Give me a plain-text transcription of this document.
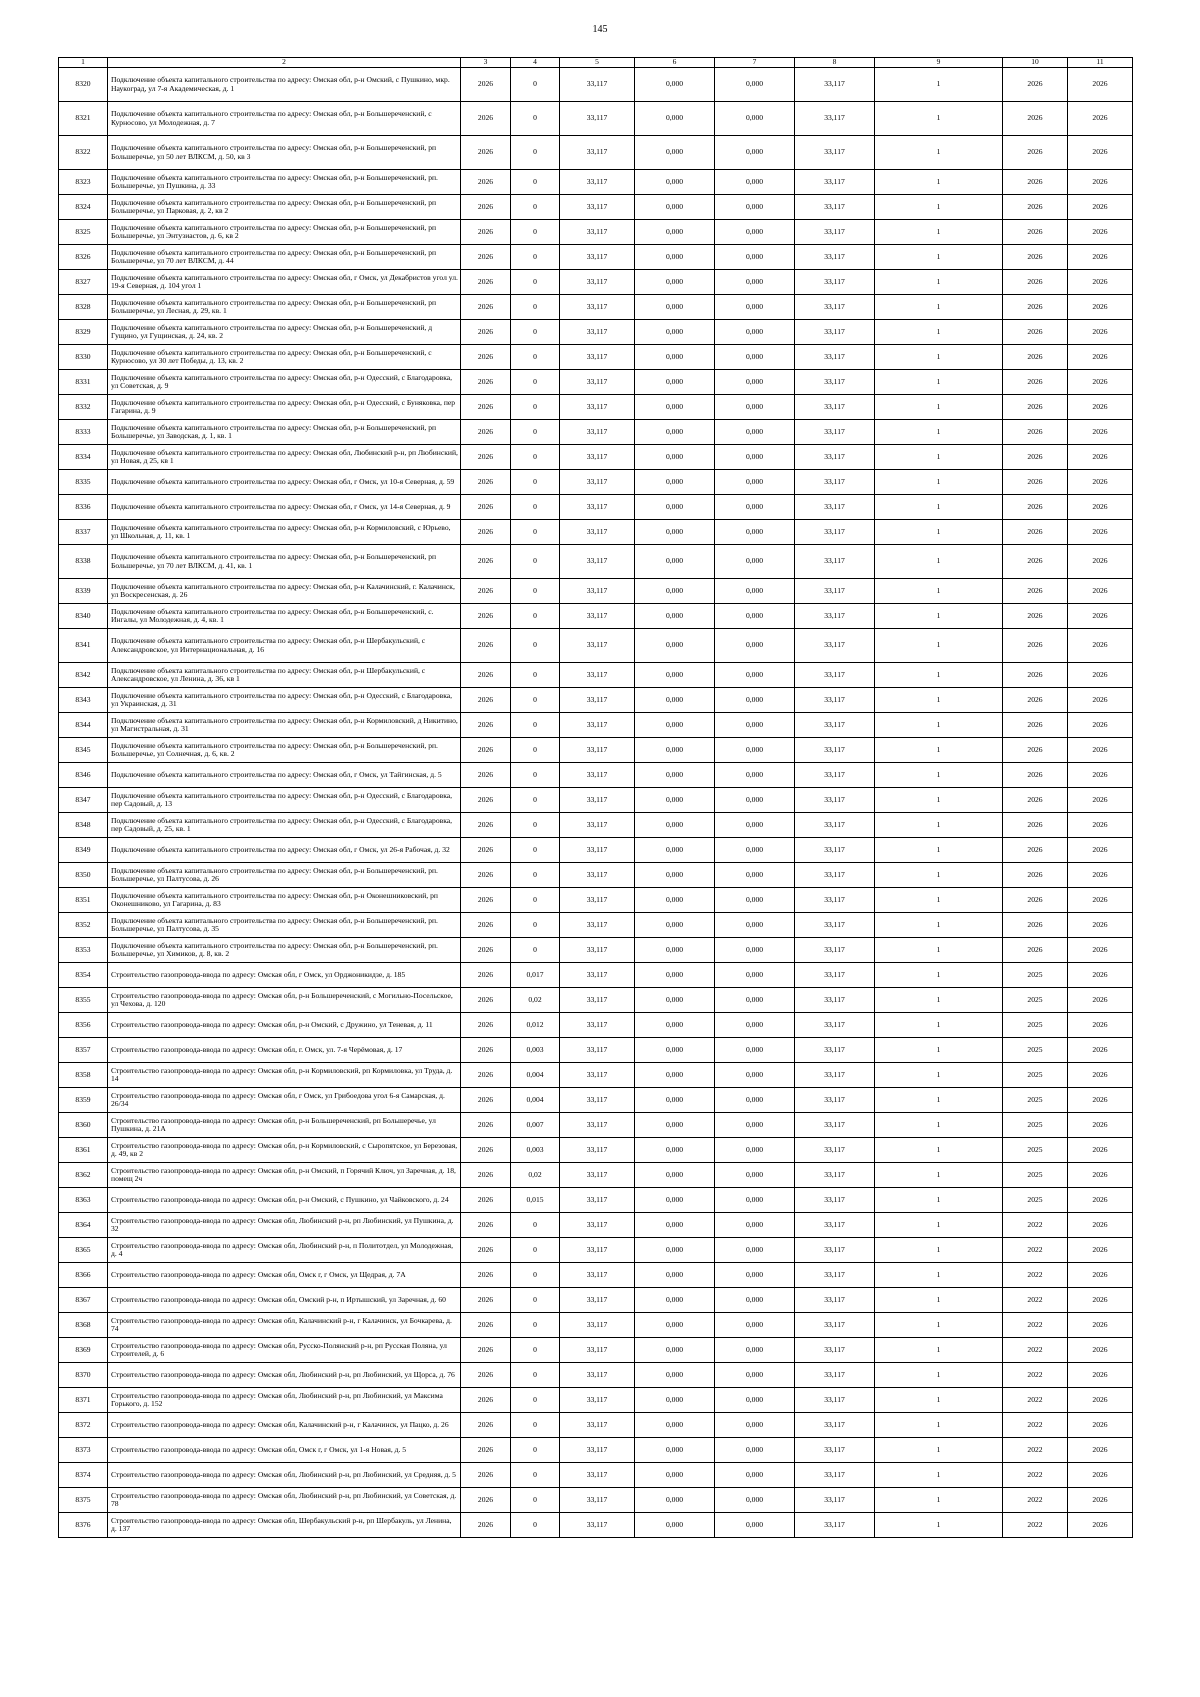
145
1	2	3	4	5	6	7	8	9	10	11
8320	Подключение объекта капитального строительства по адресу: Омская обл, р-н Омский, с Пушкино, мкр. Наукоград, ул 7-я Академическая, д. 1	2026	0	33,117	0,000	0,000	33,117	1	2026	2026
8321	Подключение объекта капитального строительства по адресу: Омская обл, р-н Большереченский, с Курносово, ул Молодежная, д. 7	2026	0	33,117	0,000	0,000	33,117	1	2026	2026
8322	Подключение объекта капитального строительства по адресу: Омская обл, р-н Большереченский, рп Большеречье, ул 50 лет ВЛКСМ, д. 50, кв 3	2026	0	33,117	0,000	0,000	33,117	1	2026	2026
8323	Подключение объекта капитального строительства по адресу: Омская обл, р-н Большереченский, рп. Большеречье, ул Пушкина, д. 33	2026	0	33,117	0,000	0,000	33,117	1	2026	2026
8324	Подключение объекта капитального строительства по адресу: Омская обл, р-н Большереченский, рп Большеречье, ул Парковая, д. 2, кв 2	2026	0	33,117	0,000	0,000	33,117	1	2026	2026
8325	Подключение объекта капитального строительства по адресу: Омская обл, р-н Большереченский, рп Большеречье, ул Энтузиастов, д. 6, кв 2	2026	0	33,117	0,000	0,000	33,117	1	2026	2026
8326	Подключение объекта капитального строительства по адресу: Омская обл, р-н Большереченский, рп Большеречье, ул 70 лет ВЛКСМ, д. 44	2026	0	33,117	0,000	0,000	33,117	1	2026	2026
8327	Подключение объекта капитального строительства по адресу: Омская обл, г Омск, ул Декабристов угол ул. 19-я Северная, д. 104 угол 1	2026	0	33,117	0,000	0,000	33,117	1	2026	2026
8328	Подключение объекта капитального строительства по адресу: Омская обл, р-н Большереченский, рп Большеречье, ул Лесная, д. 29, кв. 1	2026	0	33,117	0,000	0,000	33,117	1	2026	2026
8329	Подключение объекта капитального строительства по адресу: Омская обл, р-н Большереченский, д Гущино, ул Гущинская, д. 24, кв. 2	2026	0	33,117	0,000	0,000	33,117	1	2026	2026
8330	Подключение объекта капитального строительства по адресу: Омская обл, р-н Большереченский, с Курносово, ул 30 лет Победы, д. 13, кв. 2	2026	0	33,117	0,000	0,000	33,117	1	2026	2026
8331	Подключение объекта капитального строительства по адресу: Омская обл, р-н Одесский, с Благодаровка, ул Советская, д. 9	2026	0	33,117	0,000	0,000	33,117	1	2026	2026
8332	Подключение объекта капитального строительства по адресу: Омская обл, р-н Одесский, с Буняковка, пер Гагарина, д. 9	2026	0	33,117	0,000	0,000	33,117	1	2026	2026
8333	Подключение объекта капитального строительства по адресу: Омская обл, р-н Большереченский, рп Большеречье, ул Заводская, д. 1, кв. 1	2026	0	33,117	0,000	0,000	33,117	1	2026	2026
8334	Подключение объекта капитального строительства по адресу: Омская обл, Любинский р-н, рп Любинский, ул Новая, д 25, кв 1	2026	0	33,117	0,000	0,000	33,117	1	2026	2026
8335	Подключение объекта капитального строительства по адресу: Омская обл, г Омск, ул 10-я Северная, д. 59	2026	0	33,117	0,000	0,000	33,117	1	2026	2026
8336	Подключение объекта капитального строительства по адресу: Омская обл, г Омск, ул 14-я Северная, д. 9	2026	0	33,117	0,000	0,000	33,117	1	2026	2026
8337	Подключение объекта капитального строительства по адресу: Омская обл, р-н Кормиловский, с Юрьево, ул Школьная, д. 11, кв. 1	2026	0	33,117	0,000	0,000	33,117	1	2026	2026
8338	Подключение объекта капитального строительства по адресу: Омская обл, р-н Большереченский, рп Большеречье, ул 70 лет ВЛКСМ, д. 41, кв. 1	2026	0	33,117	0,000	0,000	33,117	1	2026	2026
8339	Подключение объекта капитального строительства по адресу: Омская обл, р-н Калачинский, г. Калачинск, ул Воскресенская, д. 26	2026	0	33,117	0,000	0,000	33,117	1	2026	2026
8340	Подключение объекта капитального строительства по адресу: Омская обл, р-н Большереченский, с. Ингалы, ул Молодежная, д. 4, кв. 1	2026	0	33,117	0,000	0,000	33,117	1	2026	2026
8341	Подключение объекта капитального строительства по адресу: Омская обл, р-н Шербакульский, с Александровское, ул Интернациональная, д. 16	2026	0	33,117	0,000	0,000	33,117	1	2026	2026
8342	Подключение объекта капитального строительства по адресу: Омская обл, р-н Шербакульский, с Александровское, ул Ленина, д. 36, кв 1	2026	0	33,117	0,000	0,000	33,117	1	2026	2026
8343	Подключение объекта капитального строительства по адресу: Омская обл, р-н Одесский, с Благодаровка, ул Украинская, д. 31	2026	0	33,117	0,000	0,000	33,117	1	2026	2026
8344	Подключение объекта капитального строительства по адресу: Омская обл, р-н Кормиловский, д Никитино, ул Магистральная, д. 31	2026	0	33,117	0,000	0,000	33,117	1	2026	2026
8345	Подключение объекта капитального строительства по адресу: Омская обл, р-н Большереченский, рп. Большеречье, ул Солнечная, д. 6, кв. 2	2026	0	33,117	0,000	0,000	33,117	1	2026	2026
8346	Подключение объекта капитального строительства по адресу: Омская обл, г Омск, ул Тайгинская, д. 5	2026	0	33,117	0,000	0,000	33,117	1	2026	2026
8347	Подключение объекта капитального строительства по адресу: Омская обл, р-н Одесский, с Благодаровка, пер Садовый, д. 13	2026	0	33,117	0,000	0,000	33,117	1	2026	2026
8348	Подключение объекта капитального строительства по адресу: Омская обл, р-н Одесский, с Благодаровка, пер Садовый, д. 25, кв. 1	2026	0	33,117	0,000	0,000	33,117	1	2026	2026
8349	Подключение объекта капитального строительства по адресу: Омская обл, г Омск, ул 26-я Рабочая, д. 32	2026	0	33,117	0,000	0,000	33,117	1	2026	2026
8350	Подключение объекта капитального строительства по адресу: Омская обл, р-н Большереченский, рп. Большеречье, ул Палтусова, д. 26	2026	0	33,117	0,000	0,000	33,117	1	2026	2026
8351	Подключение объекта капитального строительства по адресу: Омская обл, р-н Оконешниковский, рп Оконешниково, ул Гагарина, д. 83	2026	0	33,117	0,000	0,000	33,117	1	2026	2026
8352	Подключение объекта капитального строительства по адресу: Омская обл, р-н Большереченский, рп. Большеречье, ул Палтусова, д. 35	2026	0	33,117	0,000	0,000	33,117	1	2026	2026
8353	Подключение объекта капитального строительства по адресу: Омская обл, р-н Большереченский, рп. Большеречье, ул Химиков, д. 8, кв. 2	2026	0	33,117	0,000	0,000	33,117	1	2026	2026
8354	Строительство газопровода-ввода по адресу: Омская обл, г Омск, ул Орджоникидзе, д. 185	2026	0,017	33,117	0,000	0,000	33,117	1	2025	2026
8355	Строительство газопровода-ввода по адресу: Омская обл, р-н Большереченский, с Могильно-Посельское, ул Чехова, д. 120	2026	0,02	33,117	0,000	0,000	33,117	1	2025	2026
8356	Строительство газопровода-ввода по адресу: Омская обл, р-н Омский, с Дружино, ул Теневая, д. 11	2026	0,012	33,117	0,000	0,000	33,117	1	2025	2026
8357	Строительство газопровода-ввода по адресу: Омская обл, г. Омск, ул. 7-я Черёмовая, д. 17	2026	0,003	33,117	0,000	0,000	33,117	1	2025	2026
8358	Строительство газопровода-ввода по адресу: Омская обл, р-н Кормиловский, рп Кормиловка, ул Труда, д. 14	2026	0,004	33,117	0,000	0,000	33,117	1	2025	2026
8359	Строительство газопровода-ввода по адресу: Омская обл, г Омск, ул Грибоедова угол 6-я Самарская, д. 26/34	2026	0,004	33,117	0,000	0,000	33,117	1	2025	2026
8360	Строительство газопровода-ввода по адресу: Омская обл, р-н Большереченский, рп Большеречье, ул Пушкина, д. 21А	2026	0,007	33,117	0,000	0,000	33,117	1	2025	2026
8361	Строительство газопровода-ввода по адресу: Омская обл, р-н Кормиловский, с Сыропятское, ул Березовая, д. 49, кв 2	2026	0,003	33,117	0,000	0,000	33,117	1	2025	2026
8362	Строительство газопровода-ввода по адресу: Омская обл, р-н Омский, п Горячий Ключ, ул Заречная, д. 18, помещ 2ч	2026	0,02	33,117	0,000	0,000	33,117	1	2025	2026
8363	Строительство газопровода-ввода по адресу: Омская обл, р-н Омский, с Пушкино, ул Чайковского, д. 24	2026	0,015	33,117	0,000	0,000	33,117	1	2025	2026
8364	Строительство газопровода-ввода по адресу: Омская обл, Любинский р-н, рп Любинский, ул Пушкина, д. 32	2026	0	33,117	0,000	0,000	33,117	1	2022	2026
8365	Строительство газопровода-ввода по адресу: Омская обл, Любинский р-н, п Политотдел, ул Молодежная, д. 4	2026	0	33,117	0,000	0,000	33,117	1	2022	2026
8366	Строительство газопровода-ввода по адресу: Омская обл, Омск г, г Омск, ул Щедрая, д. 7А	2026	0	33,117	0,000	0,000	33,117	1	2022	2026
8367	Строительство газопровода-ввода по адресу: Омская обл, Омский р-н, п Иртышский, ул Заречная, д. 60	2026	0	33,117	0,000	0,000	33,117	1	2022	2026
8368	Строительство газопровода-ввода по адресу: Омская обл, Калачинский р-н, г Калачинск, ул Бочкарева, д. 74	2026	0	33,117	0,000	0,000	33,117	1	2022	2026
8369	Строительство газопровода-ввода по адресу: Омская обл, Русско-Полянский р-н, рп Русская Поляна, ул Строителей, д. 6	2026	0	33,117	0,000	0,000	33,117	1	2022	2026
8370	Строительство газопровода-ввода по адресу: Омская обл, Любинский р-н, рп Любинский, ул Щорса, д. 76	2026	0	33,117	0,000	0,000	33,117	1	2022	2026
8371	Строительство газопровода-ввода по адресу: Омская обл, Любинский р-н, рп Любинский, ул Максима Горького, д. 152	2026	0	33,117	0,000	0,000	33,117	1	2022	2026
8372	Строительство газопровода-ввода по адресу: Омская обл, Калачинский р-н, г Калачинск, ул Пацко, д. 26	2026	0	33,117	0,000	0,000	33,117	1	2022	2026
8373	Строительство газопровода-ввода по адресу: Омская обл, Омск г, г Омск, ул 1-я Новая, д. 5	2026	0	33,117	0,000	0,000	33,117	1	2022	2026
8374	Строительство газопровода-ввода по адресу: Омская обл, Любинский р-н, рп Любинский, ул Средняя, д. 5	2026	0	33,117	0,000	0,000	33,117	1	2022	2026
8375	Строительство газопровода-ввода по адресу: Омская обл, Любинский р-н, рп Любинский, ул Советская, д. 78	2026	0	33,117	0,000	0,000	33,117	1	2022	2026
8376	Строительство газопровода-ввода по адресу: Омская обл, Шербакульский р-н, рп Шербакуль, ул Ленина, д. 137	2026	0	33,117	0,000	0,000	33,117	1	2022	2026
